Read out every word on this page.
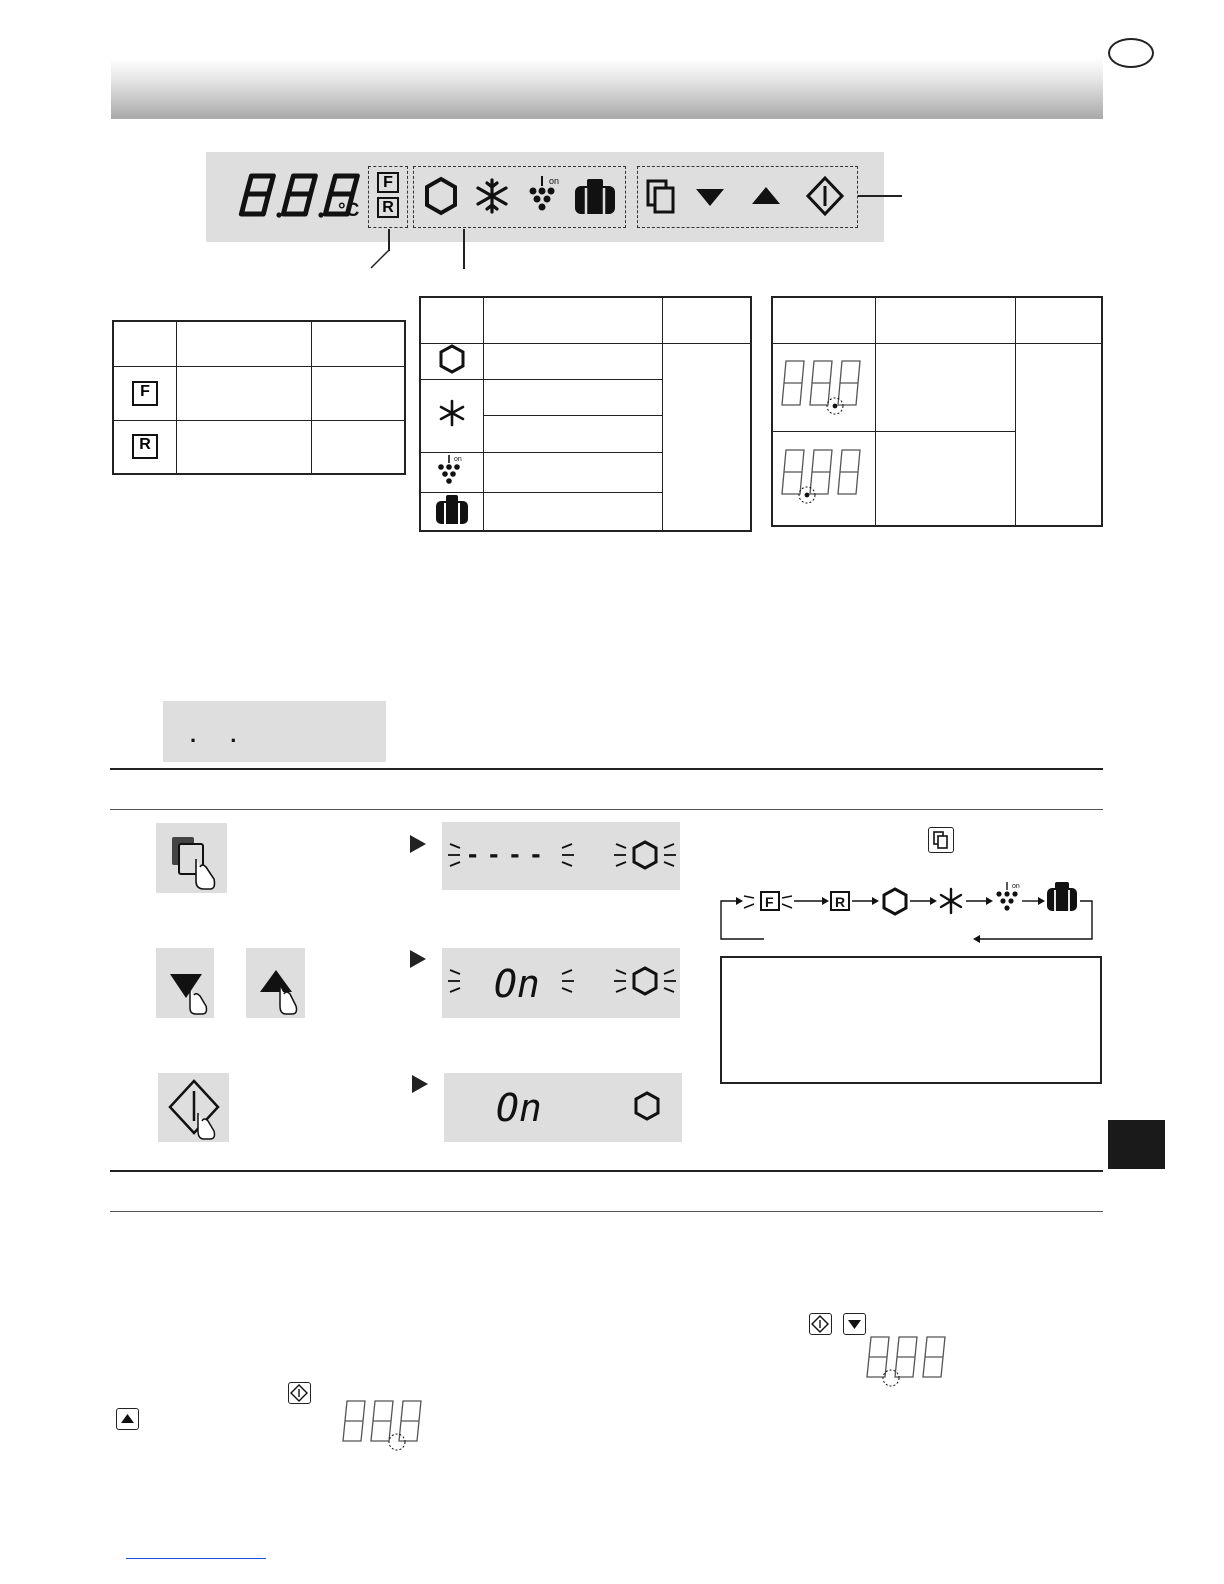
°C
F
R
on

F		
R		

on		

. .
- - - -
On
On
F	R
on
